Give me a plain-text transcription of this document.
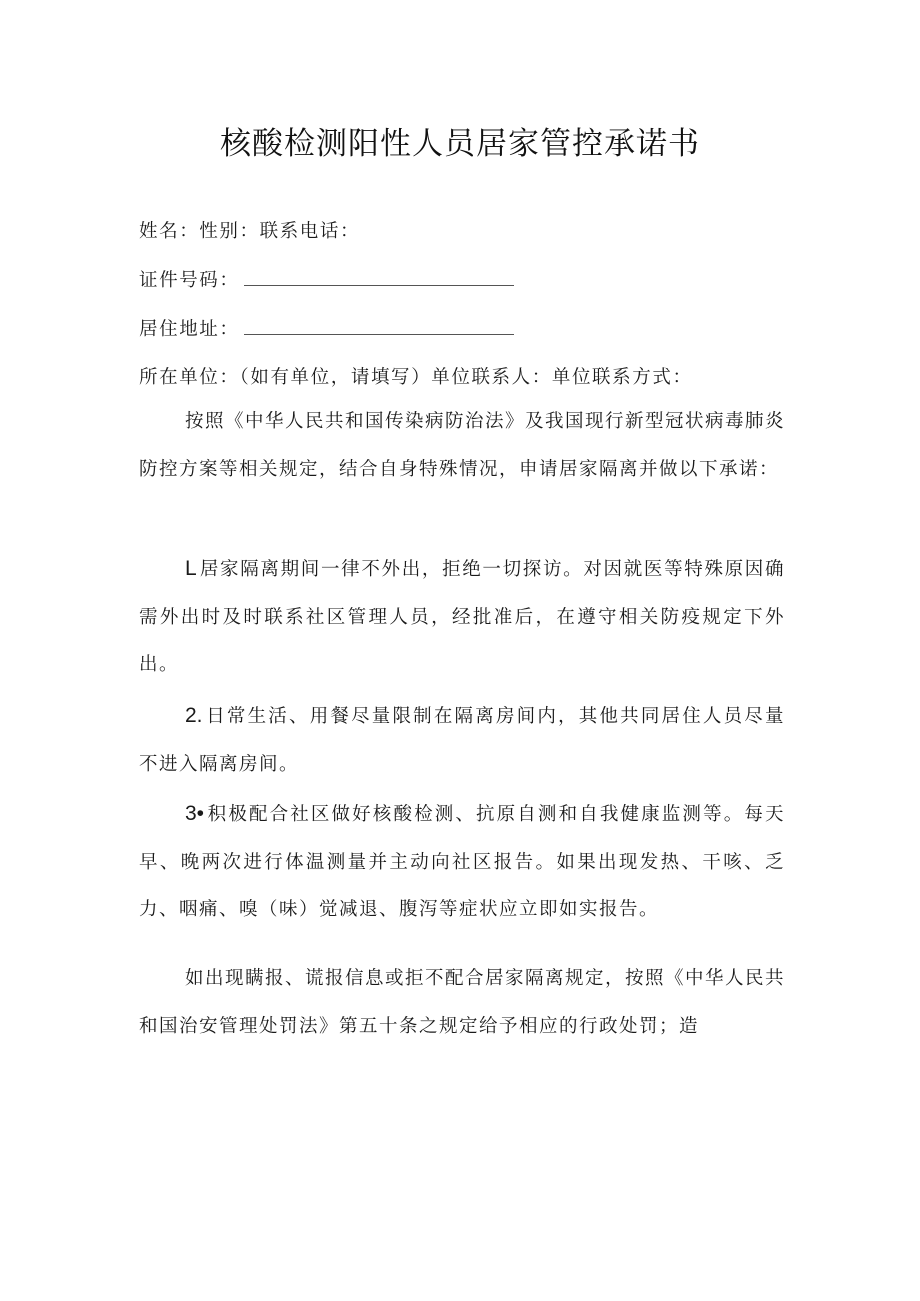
核酸检测阳性人员居家管控承诺书
姓名：性别：联系电话：
证件号码：
居住地址：
所在单位：（如有单位，请填写）单位联系人：单位联系方式：
按照《中华人民共和国传染病防治法》及我国现行新型冠状病毒肺炎防控方案等相关规定，结合自身特殊情况，申请居家隔离并做以下承诺：
L 居家隔离期间一律不外出，拒绝一切探访。对因就医等特殊原因确需外出时及时联系社区管理人员，经批准后，在遵守相关防疫规定下外出。
2. 日常生活、用餐尽量限制在隔离房间内，其他共同居住人员尽量不进入隔离房间。
3• 积极配合社区做好核酸检测、抗原自测和自我健康监测等。每天早、晚两次进行体温测量并主动向社区报告。如果出现发热、干咳、乏力、咽痛、嗅（味）觉减退、腹泻等症状应立即如实报告。
如出现瞒报、谎报信息或拒不配合居家隔离规定，按照《中华人民共和国治安管理处罚法》第五十条之规定给予相应的行政处罚；造
